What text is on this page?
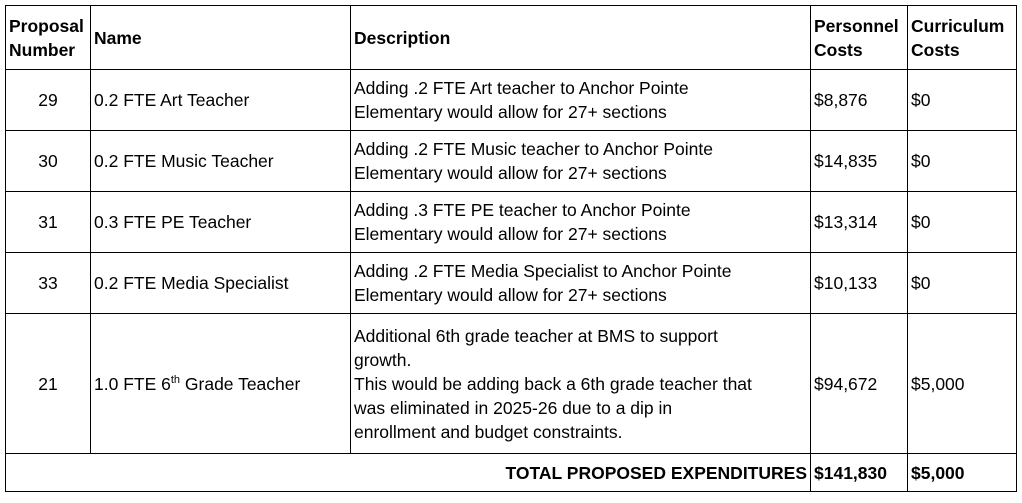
Proposal Number	Name	Description	Personnel Costs	Curriculum Costs
29	0.2 FTE Art Teacher	Adding .2 FTE Art teacher to Anchor Pointe
Elementary would allow for 27+ sections	$8,876	$0
30	0.2 FTE Music Teacher	Adding .2 FTE Music teacher to Anchor Pointe
Elementary would allow for 27+ sections	$14,835	$0
31	0.3 FTE PE Teacher	Adding .3 FTE PE teacher to Anchor Pointe
Elementary would allow for 27+ sections	$13,314	$0
33	0.2 FTE Media Specialist	Adding .2 FTE Media Specialist to Anchor Pointe
Elementary would allow for 27+ sections	$10,133	$0
21	1.0 FTE 6th Grade Teacher	Additional 6th grade teacher at BMS to support
growth.
This would be adding back a 6th grade teacher that
was eliminated in 2025-26 due to a dip in
enrollment and budget constraints.	$94,672	$5,000
TOTAL PROPOSED EXPENDITURES			$141,830	$5,000
